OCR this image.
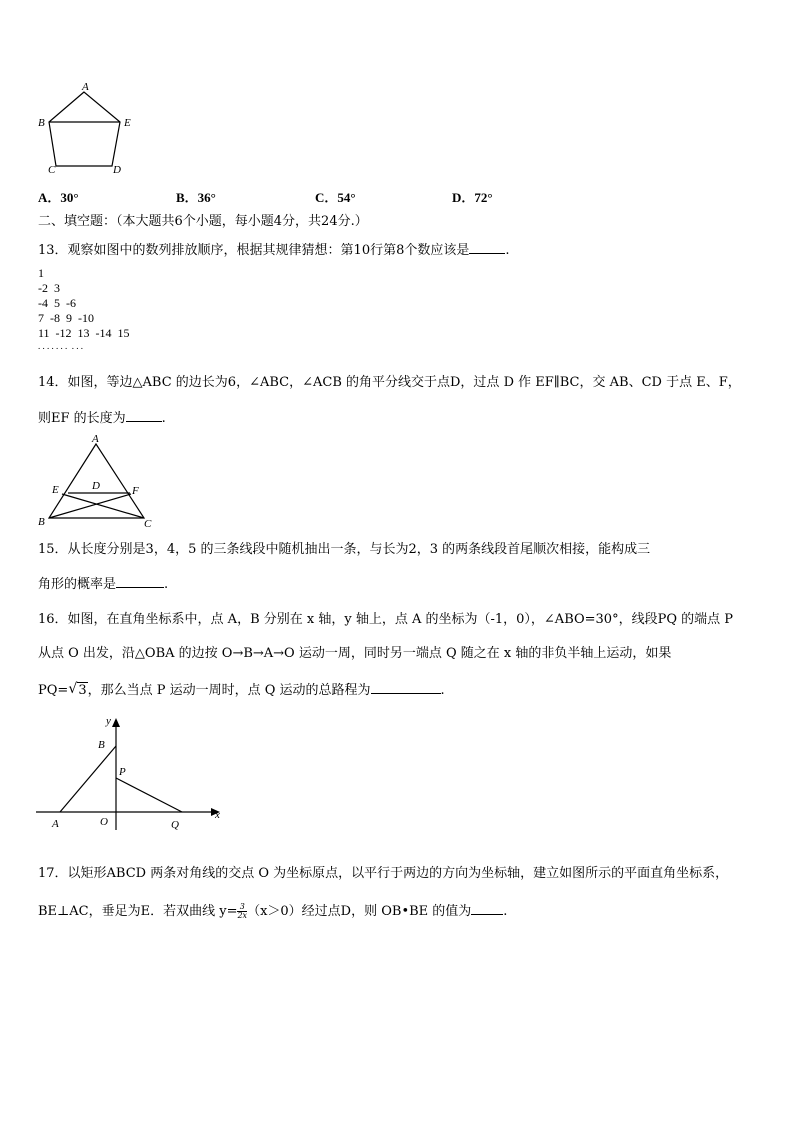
A
B	E
C	D
A．30°	B．36°	C．54°	D．72°
二、填空题：（本大题共6个小题，每小题4分，共24分.）
13．观察如图中的数列排放顺序，根据其规律猜想：第10行第8个数应该是	.
1
-2  3
-4  5  -6
7  -8  9  -10
11  -12  13  -14  15
. . . . . . .  . . .
14．如图，等边△ABC 的边长为6，∠ABC，∠ACB 的角平分线交于点D，过点 D 作 EF∥BC，交 AB、CD 于点 E、F，
则EF 的长度为	.
A
E	D	F
B	C
15．从长度分别是3，4，5 的三条线段中随机抽出一条，与长为2，3 的两条线段首尾顺次相接，能构成三
角形的概率是	.
16．如图，在直角坐标系中，点 A，B 分别在 x 轴，y 轴上，点 A 的坐标为（-1，0），∠ABO=30°，线段PQ 的端点 P
从点 O 出发，沿△OBA 的边按 O→B→A→O 运动一周，同时另一端点 Q 随之在 x 轴的非负半轴上运动，如果
PQ= √ 3，那么当点 P 运动一周时，点 Q 运动的总路程为	.
y
B
P
x
A	O	Q
17．以矩形ABCD 两条对角线的交点 O 为坐标原点，以平行于两边的方向为坐标轴，建立如图所示的平面直角坐标系，
BE⊥AC，垂足为E．若双曲线 $y= \frac{3}{2x} (x>0)$经过点D，则 OB•BE 的值为 .
